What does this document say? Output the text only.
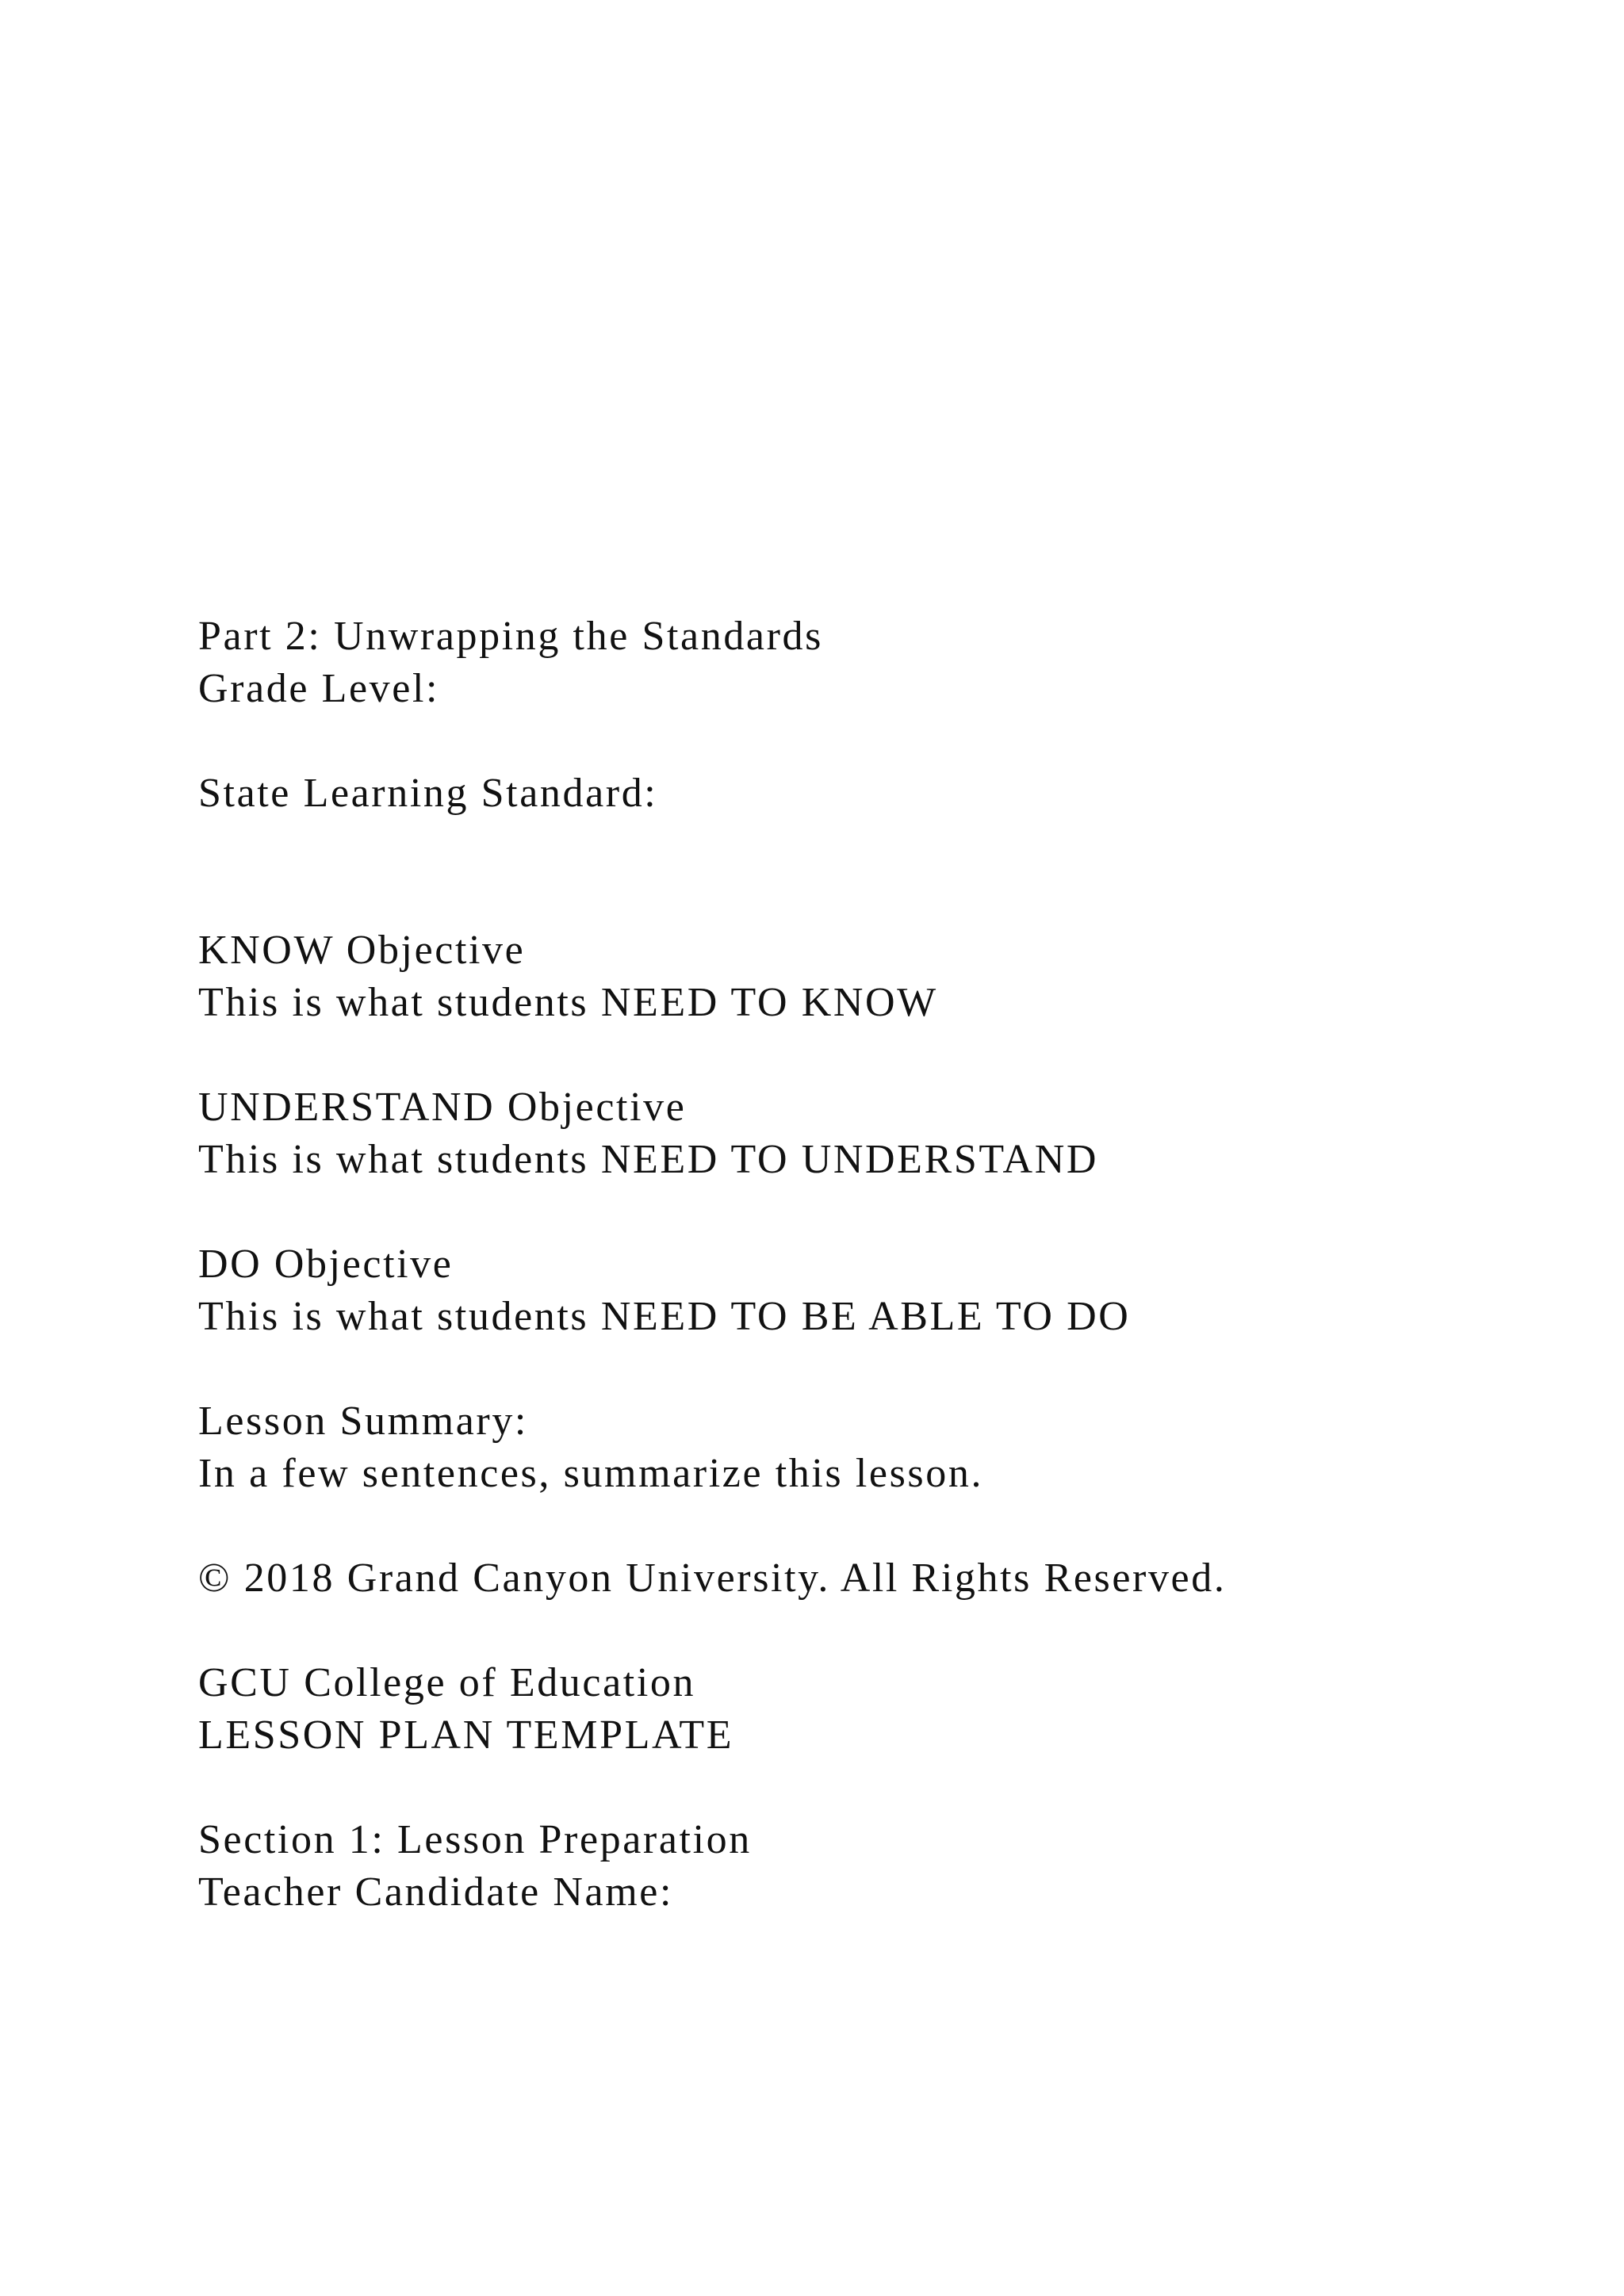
Part 2: Unwrapping the Standards
Grade Level:
State Learning Standard:
KNOW Objective
This is what students NEED TO KNOW
UNDERSTAND Objective
This is what students NEED TO UNDERSTAND
DO Objective
This is what students NEED TO BE ABLE TO DO
Lesson Summary:
In a few sentences, summarize this lesson.
© 2018 Grand Canyon University. All Rights Reserved.
GCU College of Education
LESSON PLAN TEMPLATE
Section 1: Lesson Preparation
Teacher Candidate Name:
